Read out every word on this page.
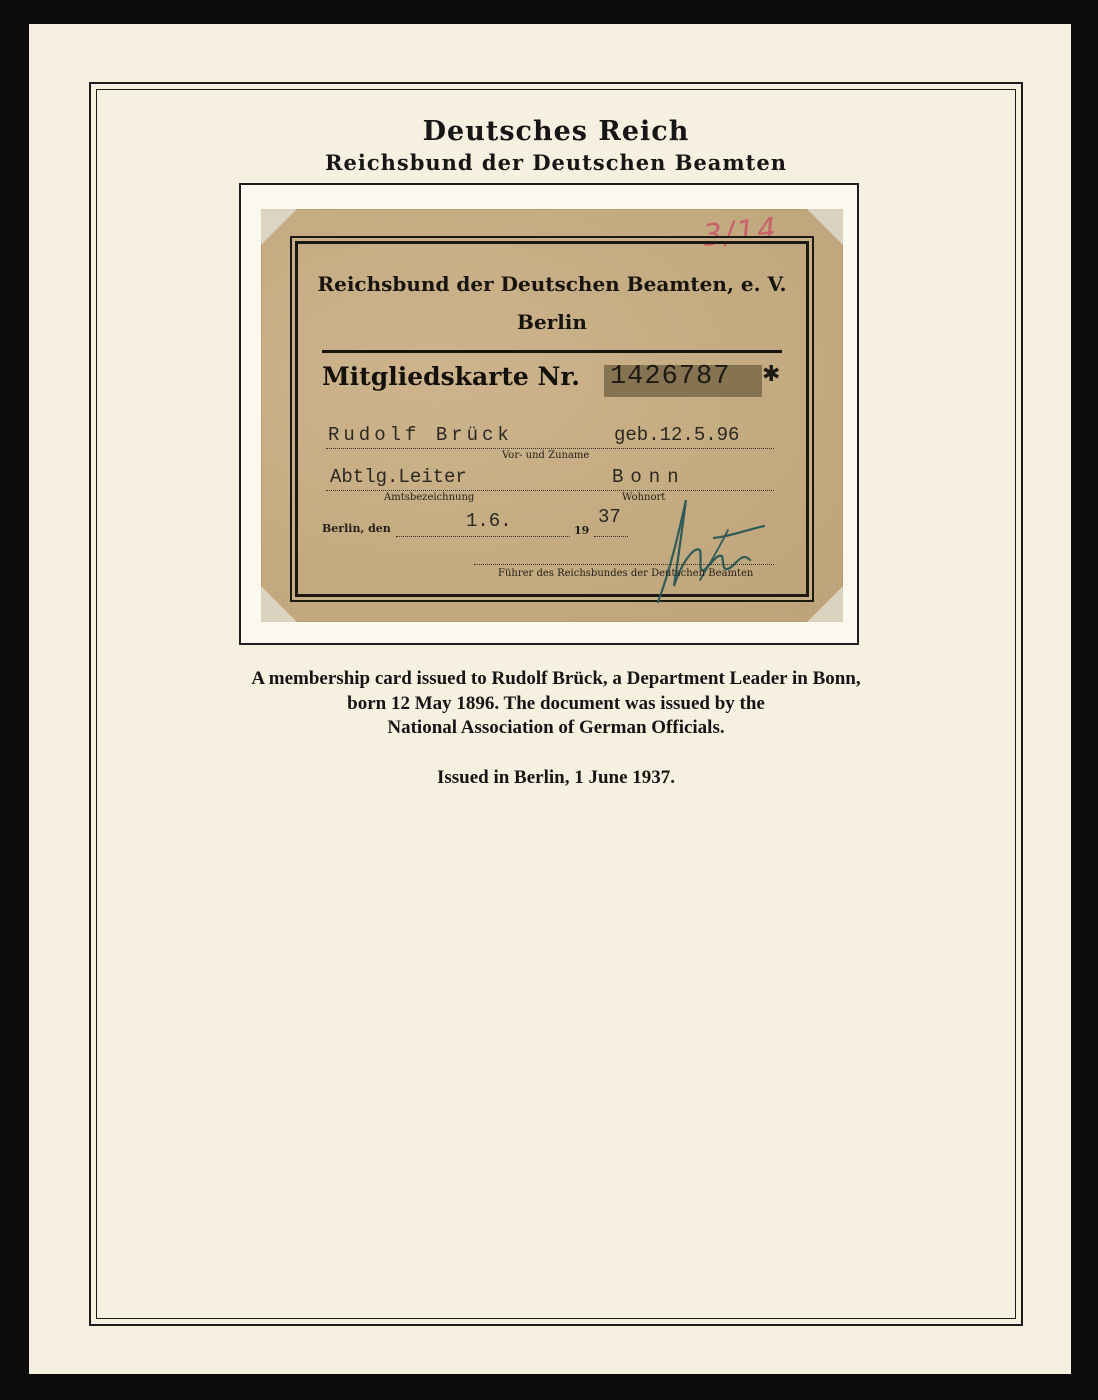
Deutsches Reich
Reichsbund der Deutschen Beamten
3/14
Reichsbund der Deutschen Beamten, e. V.
Berlin
Mitgliedskarte Nr. 1426787 ✱
Rudolf Brück	geb.12.5.96
Vor- und Zuname
Abtlg.Leiter	Bonn
Amtsbezeichnung	Wohnort
Berlin, den	1.6.	19
37
Führer des Reichsbundes der Deutschen Beamten
A membership card issued to Rudolf Brück, a Department Leader in Bonn,
born 12 May 1896. The document was issued by the
National Association of German Officials.
Issued in Berlin, 1 June 1937.
